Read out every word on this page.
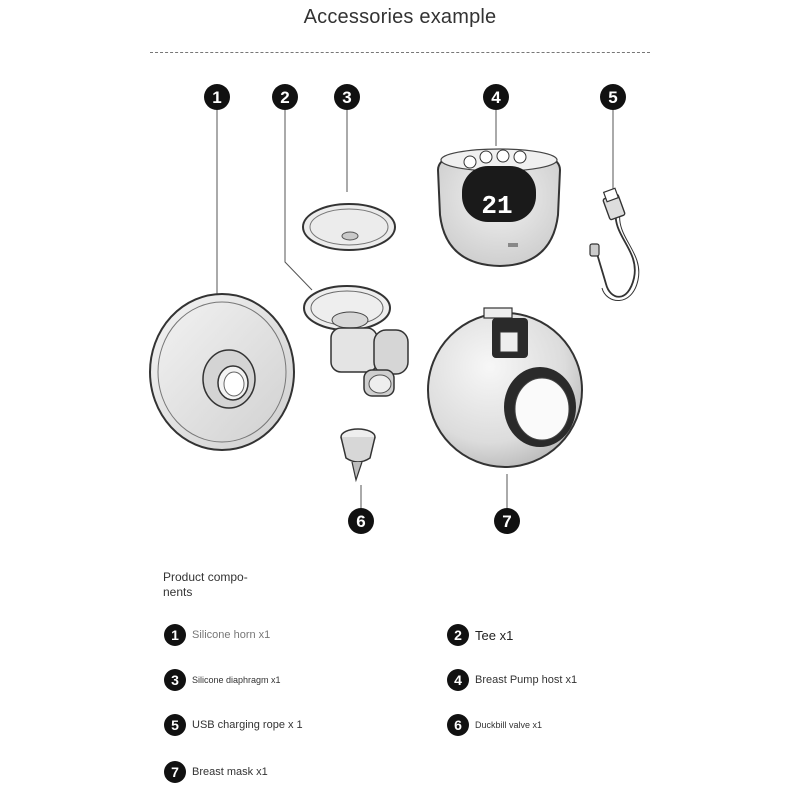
Accessories example
21
1	2	3	4	5
6	7
Product compo-
nents
1	Silicone horn x1	2	Tee x1
3	Silicone diaphragm x1	4	Breast Pump host x1
5	USB charging rope x 1	6	Duckbill valve x1
7	Breast mask x1
